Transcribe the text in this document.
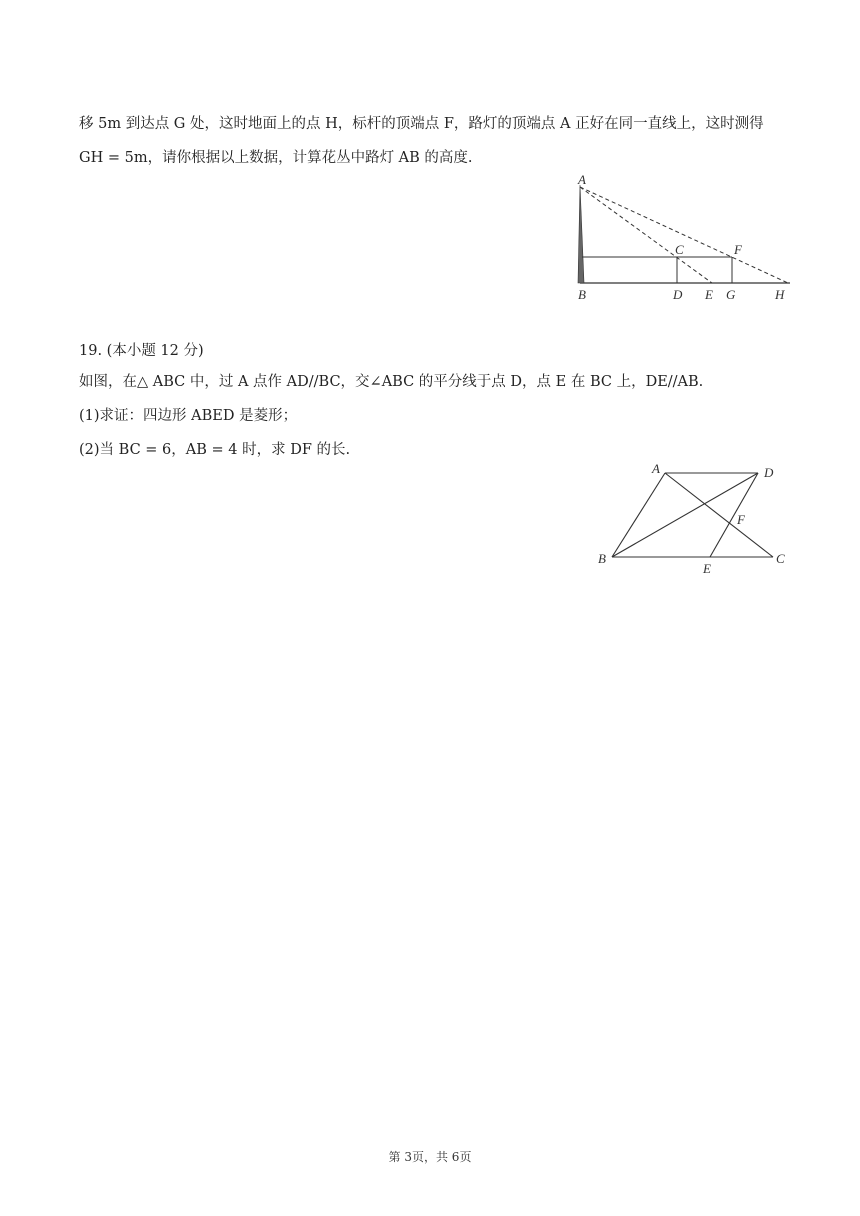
移 5m 到达点 G 处，这时地面上的点 H，标杆的顶端点 F，路灯的顶端点 A 正好在同一直线上，这时测得
GH = 5m，请你根据以上数据，计算花丛中路灯 AB 的高度.
A
B
C
D E
F
G	H
19. (本小题 12 分)
如图，在△ ABC 中，过 A 点作 AD//BC，交∠ABC 的平分线于点 D，点 E 在 BC 上，DE//AB.
(1)求证：四边形 ABED 是菱形；
(2)当 BC = 6，AB = 4 时，求 DF 的长.
A	D
F
B
E
C
第 3页，共 6页
